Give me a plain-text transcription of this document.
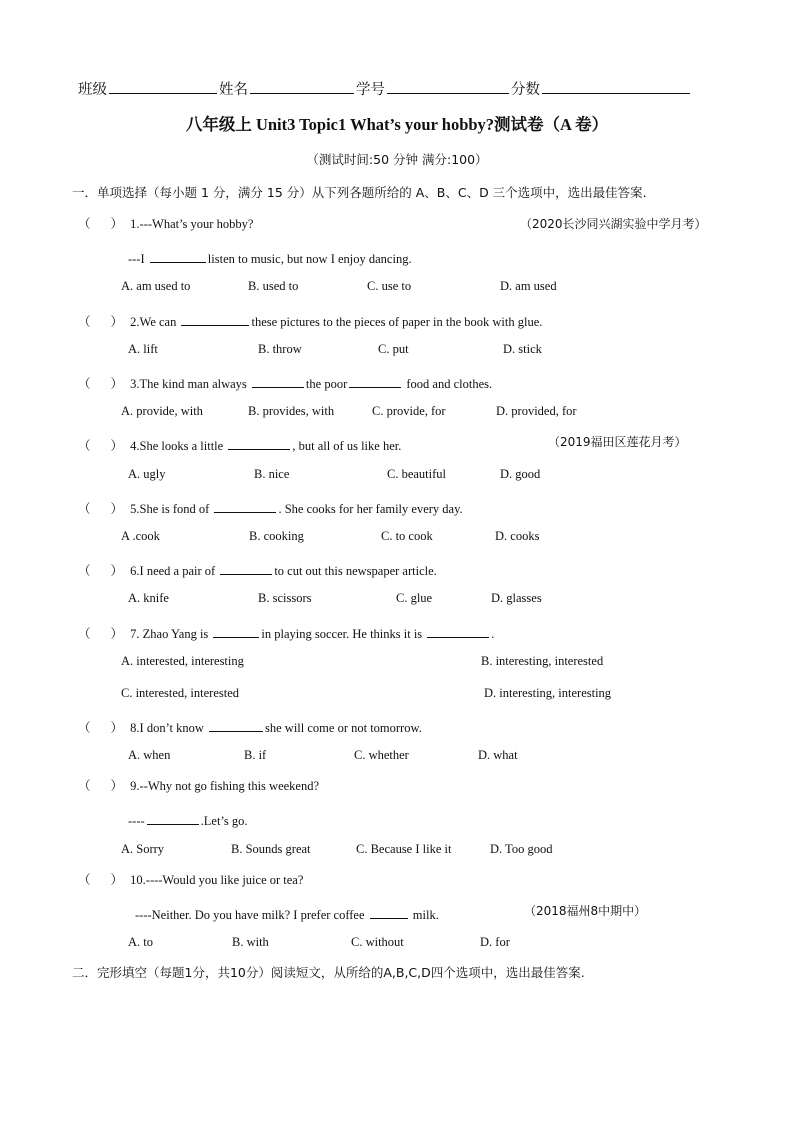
班级	姓名	学号	分数
八年级上 Unit3 Topic1 What’s your hobby?测试卷（A 卷）
（测试时间:50 分钟 满分:100）
一．单项选择（每小题 1 分，满分 15 分）从下列各题所给的 A、B、C、D 三个选项中，选出最佳答案.
（ ） 1.---What’s your hobby?	（2020长沙同兴湖实验中学月考）
---I	listen to music, but now I enjoy dancing.
A. am used to	B. used to	C. use to	D. am used
（ ） 2.We can	these pictures to the pieces of paper in the book with glue.
A. lift	B. throw	C. put	D. stick
（ ） 3.The kind man always	the poor	food and clothes.
A. provide, with	B. provides, with	C. provide, for	D. provided, for
（ ） 4.She looks a little	, but all of us like her.	（2019福田区莲花月考）
A. ugly	B. nice	C. beautiful	D. good
（ ） 5.She is fond of	. She cooks for her family every day.
A .cook	B. cooking	C. to cook	D. cooks
（ ） 6.I need a pair of	to cut out this newspaper article.
A. knife	B. scissors	C. glue	D. glasses
（ ） 7. Zhao Yang is	in playing soccer. He thinks it is	.
A. interested, interesting	B. interesting, interested
C. interested, interested	D. interesting, interesting
（ ） 8.I don’t know	she will come or not tomorrow.
A. when	B. if	C. whether	D. what
（ ） 9.--Why not go fishing this weekend?
----	.Let’s go.
A. Sorry	B. Sounds great	C. Because I like it	D. Too good
（ ） 10.----Would you like juice or tea?
----Neither. Do you have milk? I prefer coffee	milk.	（2018福州8中期中）
A. to	B. with	C. without	D. for
二．完形填空（每题1分，共10分）阅读短文，从所给的A,B,C,D四个选项中，选出最佳答案.
